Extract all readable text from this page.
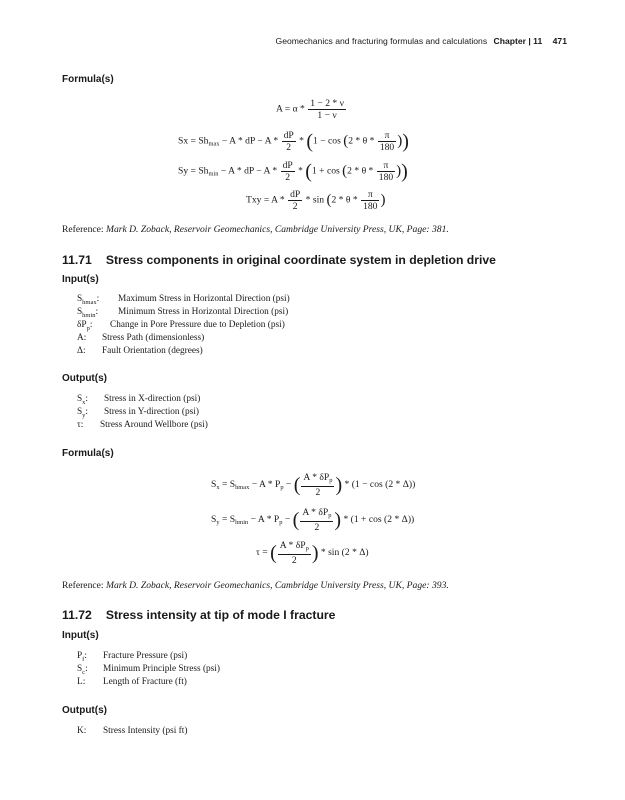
Geomechanics and fracturing formulas and calculations Chapter | 11 471
Formula(s)
$A = \alpha * \frac{1 - 2 * \nu}{1 - \nu}$
$Sx = Sh_{max} - A$ * dP − $A * \frac{dP}{2} * (1 - \cos (2 * \theta * \frac{\pi}{180}$ ))
$Sy = Sh_{min} - A$ * dP − $A * \frac{dP}{2} * (1 + \cos (2 * \theta * \frac{\pi}{180}$ ))
Txy = A * $\frac{dP}{2}$ * sin (2 * θ * $\frac{\pi}{180}$ )
Reference: Mark D. Zoback, Reservoir Geomechanics, Cambridge University Press, UK, Page: 381.
11.71 Stress components in original coordinate system in depletion drive
Input(s)
$S_{hmax}$: Maximum Stress in Horizontal Direction (psi)
$S_{hmin}$: Minimum Stress in Horizontal Direction (psi)
$\delta P_p$: Change in Pore Pressure due to Depletion (psi)
A: Stress Path (dimensionless)
Δ: Fault Orientation (degrees)
Output(s)
$S_x$: Stress in X-direction (psi)
$S_y$: Stress in Y-direction (psi)
τ: Stress Around Wellbore (psi)
Formula(s)
$S_x = S_{hmax} - A * P_p$ − ( $\frac{A * \delta P_p}{2}$ ) * (1 − cos (2 * Δ))
$S_y = S_{hmin} - A * P_p$ − ( $\frac{A * \delta P_p}{2}$ ) * (1 + cos (2 * Δ))
τ = ( $\frac{A * \delta P_p}{2}$ ) * sin (2 * Δ)
Reference: Mark D. Zoback, Reservoir Geomechanics, Cambridge University Press, UK, Page: 393.
11.72 Stress intensity at tip of mode I fracture
Input(s)
$P_f$: Fracture Pressure (psi)
$S_c$: Minimum Principle Stress (psi)
L: Length of Fracture (ft)
Output(s)
K: Stress Intensity (psi ft)
